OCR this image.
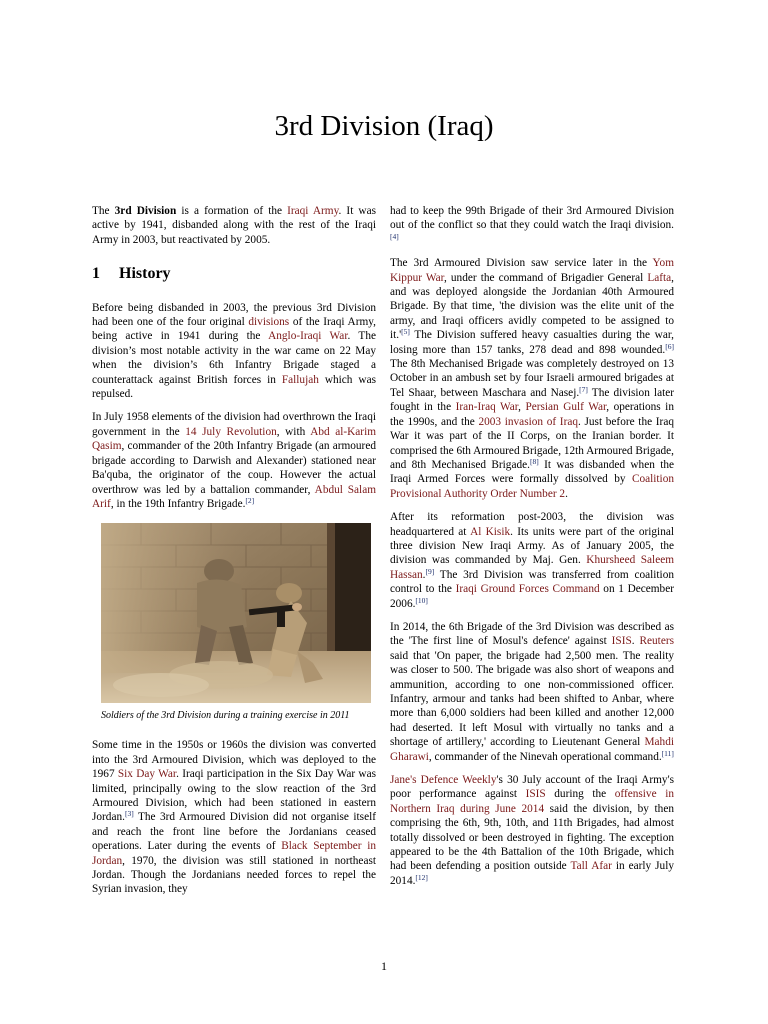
3rd Division (Iraq)

The 3rd Division is a formation of the Iraqi Army. It was active by 1941, disbanded along with the rest of the Iraqi Army in 2003, but reactivated by 2005.

1 History

Before being disbanded in 2003, the previous 3rd Division had been one of the four original divisions of the Iraqi Army, being active in 1941 during the Anglo-Iraqi War. The division’s most notable activity in the war came on 22 May when the division’s 6th Infantry Brigade staged a counterattack against British forces in Fallujah which was repulsed.

In July 1958 elements of the division had overthrown the Iraqi government in the 14 July Revolution, with Abd al-Karim Qasim, commander of the 20th Infantry Brigade (an armoured brigade according to Darwish and Alexander) stationed near Ba'quba, the originator of the coup. However the actual overthrow was led by a battalion commander, Abdul Salam Arif, in the 19th Infantry Brigade.[2]

Soldiers of the 3rd Division during a training exercise in 2011

Some time in the 1950s or 1960s the division was converted into the 3rd Armoured Division, which was deployed to the 1967 Six Day War. Iraqi participation in the Six Day War was limited, principally owing to the slow reaction of the 3rd Armoured Division, which had been stationed in eastern Jordan.[3] The 3rd Armoured Division did not organise itself and reach the front line before the Jordanians ceased operations. Later during the events of Black September in Jordan, 1970, the division was still stationed in northeast Jordan. Though the Jordanians needed forces to repel the Syrian invasion, they

had to keep the 99th Brigade of their 3rd Armoured Division out of the conflict so that they could watch the Iraqi division.[4]

The 3rd Armoured Division saw service later in the Yom Kippur War, under the command of Brigadier General Lafta, and was deployed alongside the Jordanian 40th Armoured Brigade. By that time, 'the division was the elite unit of the army, and Iraqi officers avidly competed to be assigned to it.'[5] The Division suffered heavy casualties during the war, losing more than 157 tanks, 278 dead and 898 wounded.[6] The 8th Mechanised Brigade was completely destroyed on 13 October in an ambush set by four Israeli armoured brigades at Tel Shaar, between Maschara and Nasej.[7] The division later fought in the Iran-Iraq War, Persian Gulf War, operations in the 1990s, and the 2003 invasion of Iraq. Just before the Iraq War it was part of the II Corps, on the Iranian border. It comprised the 6th Armoured Brigade, 12th Armoured Brigade, and 8th Mechanised Brigade.[8] It was disbanded when the Iraqi Armed Forces were formally dissolved by Coalition Provisional Authority Order Number 2.

After its reformation post-2003, the division was headquartered at Al Kisik. Its units were part of the original three division New Iraqi Army. As of January 2005, the division was commanded by Maj. Gen. Khursheed Saleem Hassan.[9] The 3rd Division was transferred from coalition control to the Iraqi Ground Forces Command on 1 December 2006.[10]

In 2014, the 6th Brigade of the 3rd Division was described as the 'The first line of Mosul's defence' against ISIS. Reuters said that 'On paper, the brigade had 2,500 men. The reality was closer to 500. The brigade was also short of weapons and ammunition, according to one non-commissioned officer. Infantry, armour and tanks had been shifted to Anbar, where more than 6,000 soldiers had been killed and another 12,000 had deserted. It left Mosul with virtually no tanks and a shortage of artillery,' according to Lieutenant General Mahdi Gharawi, commander of the Ninevah operational command.[11]

Jane's Defence Weekly's 30 July account of the Iraqi Army's poor performance against ISIS during the offensive in Northern Iraq during June 2014 said the division, by then comprising the 6th, 9th, 10th, and 11th Brigades, had almost totally dissolved or been destroyed in fighting. The exception appeared to be the 4th Battalion of the 10th Brigade, which had been defending a position outside Tall Afar in early July 2014.[12]

1
